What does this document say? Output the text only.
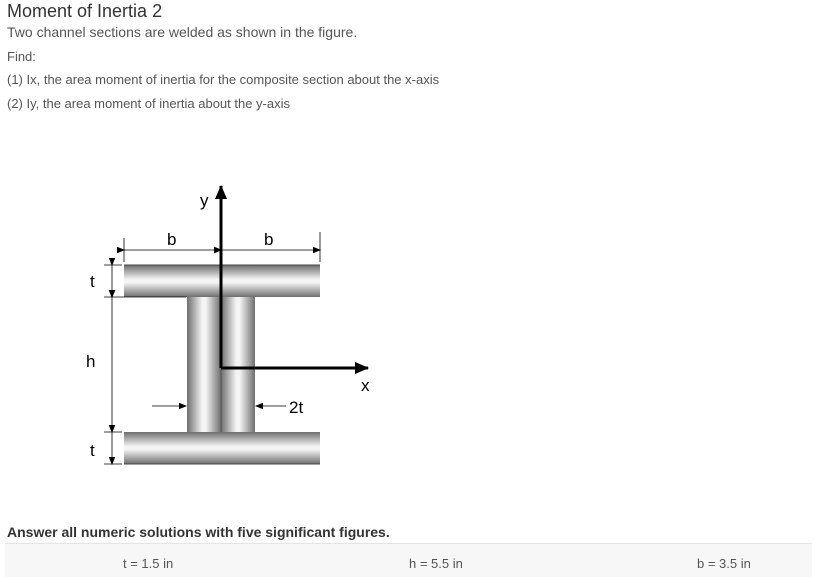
Moment of Inertia 2
Two channel sections are welded as shown in the figure.
Find:
(1) Ix, the area moment of inertia for the composite section about the x-axis
(2) Iy, the area moment of inertia about the y-axis
y
x
b	b
t
h
t
2t
Answer all numeric solutions with five significant figures.
t = 1.5 in	h = 5.5 in	b = 3.5 in
